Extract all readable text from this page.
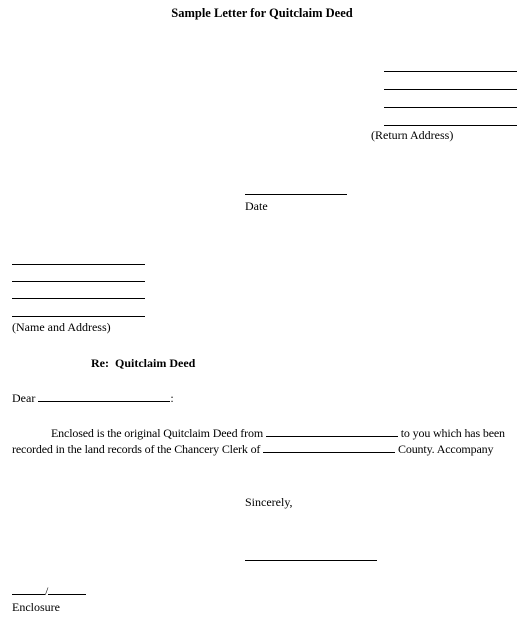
Sample Letter for Quitclaim Deed
(Return Address)
Date
(Name and Address)
Re: Quitclaim Deed
Dear	:
Enclosed is the original Quitclaim Deed from	to you which has been recorded in the land records of the Chancery Clerk of	County. Accompany
Sincerely,
/
Enclosure
